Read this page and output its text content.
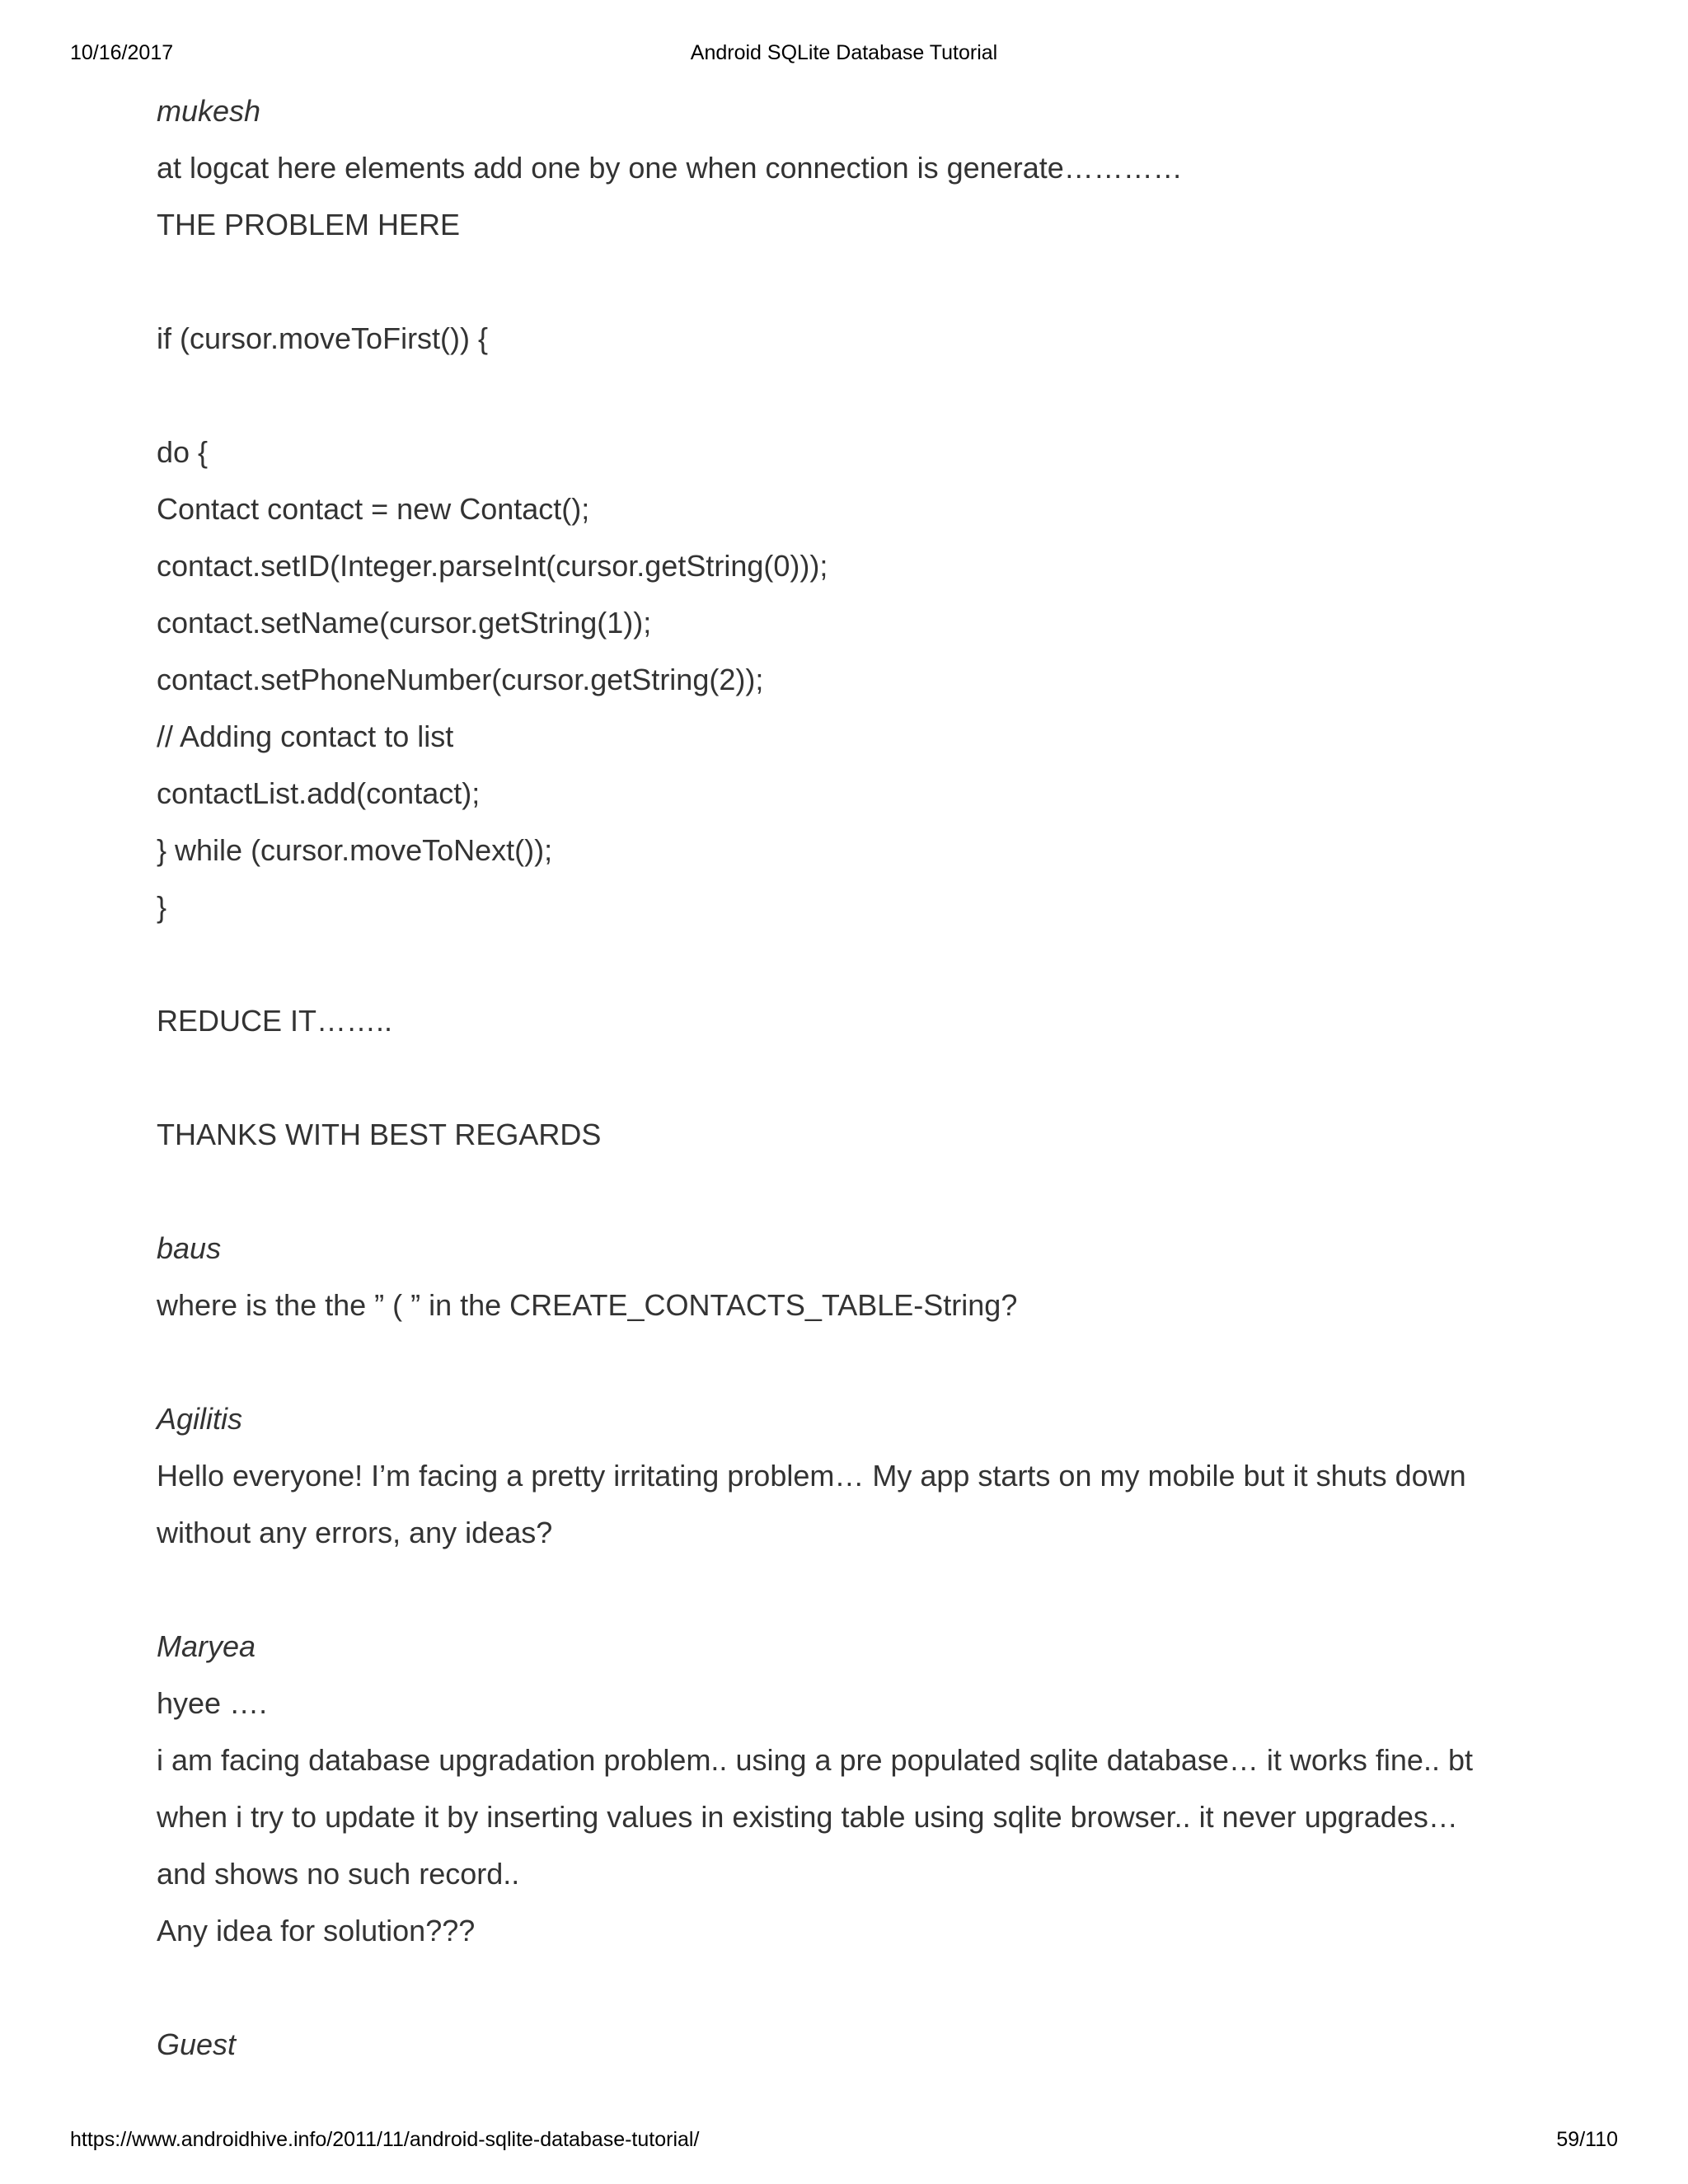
10/16/2017	Android SQLite Database Tutorial
mukesh
at logcat here elements add one by one when connection is generate…………
THE PROBLEM HERE
if (cursor.moveToFirst()) {
do {
Contact contact = new Contact();
contact.setID(Integer.parseInt(cursor.getString(0)));
contact.setName(cursor.getString(1));
contact.setPhoneNumber(cursor.getString(2));
// Adding contact to list
contactList.add(contact);
} while (cursor.moveToNext());
}
REDUCE IT……..
THANKS WITH BEST REGARDS
baus
where is the the ” ( ” in the CREATE_CONTACTS_TABLE-String?
Agilitis
Hello everyone! I’m facing a pretty irritating problem… My app starts on my mobile but it shuts down
without any errors, any ideas?
Maryea
hyee ….
i am facing database upgradation problem.. using a pre populated sqlite database… it works fine.. bt
when i try to update it by inserting values in existing table using sqlite browser.. it never upgrades…
and shows no such record..
Any idea for solution???
Guest
https://www.androidhive.info/2011/11/android-sqlite-database-tutorial/	59/110
